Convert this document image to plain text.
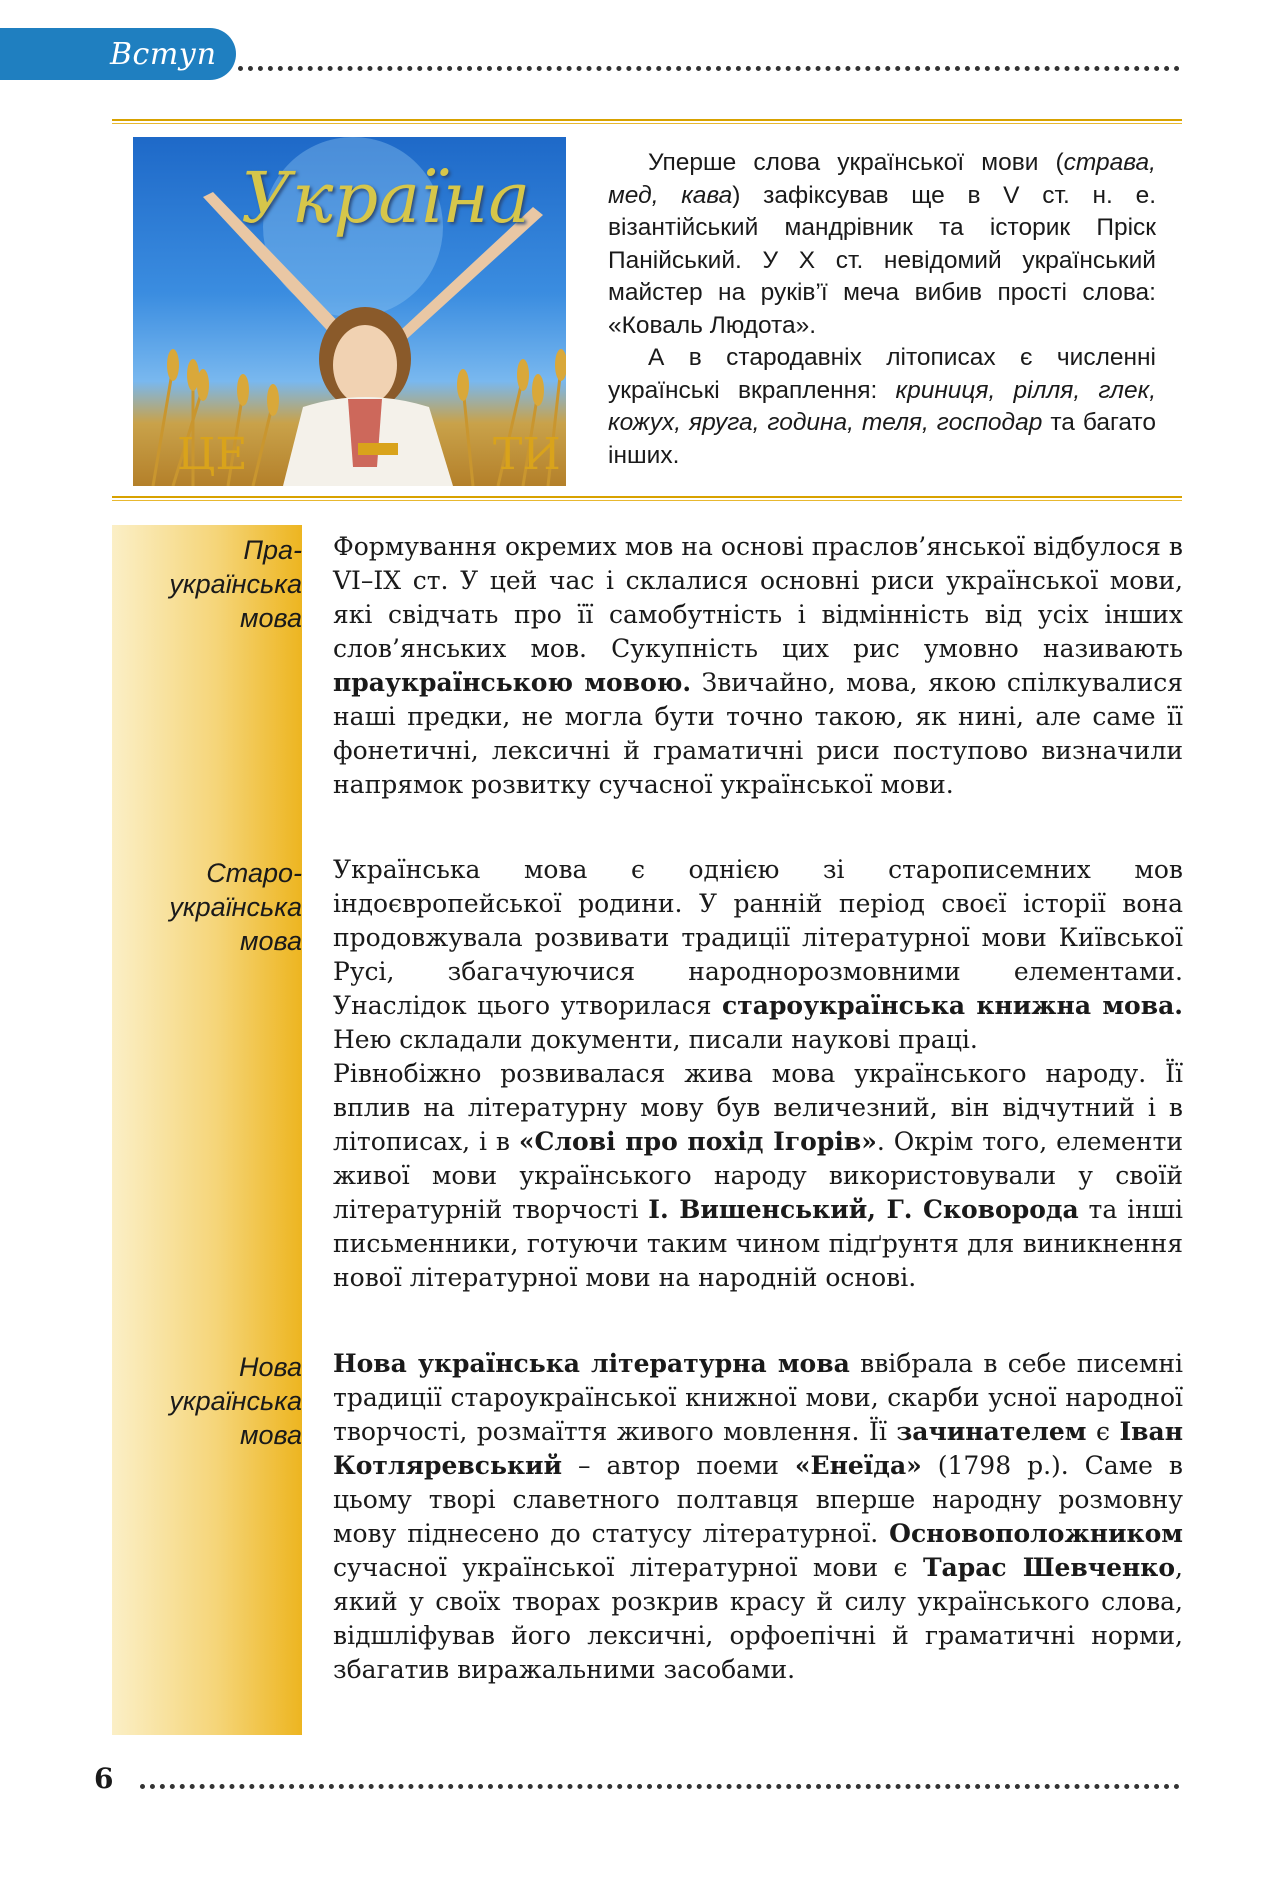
Вступ
Україна
ЦЕ	ТИ

Уперше слова української мови (страва, мед, кава) зафіксував ще в V ст. н. е. візантійський мандрівник та історик Пріск Панійський. У X ст. невідомий український майстер на руків’ї меча вибив прості слова: «Коваль Людота».

А в стародавніх літописах є численні українські вкраплення: криниця, рілля, глек, кожух, яруга, година, теля, господар та багато інших.

Пра-
українська
мова
Старо-
українська
мова
Нова
українська
мова

Формування окремих мов на основі праслов’янської відбулося в VI–IX ст. У цей час і склалися основні риси української мови, які свідчать про її самобутність і відмінність від усіх інших слов’янських мов. Сукупність цих рис умовно називають праукраїнською мовою. Звичайно, мова, якою спілкувалися наші предки, не могла бути точно такою, як нині, але саме її фонетичні, лексичні й граматичні риси поступово визначили напрямок розвитку сучасної української мови.

Українська мова є однією зі старописемних мов індоєвропейської родини. У ранній період своєї історії вона продовжувала розвивати традиції літературної мови Київської Русі, збагачуючися народнорозмовними елементами. Унаслідок цього утворилася староукраїнська книжна мова. Нею складали документи, писали наукові праці.

Рівнобіжно розвивалася жива мова українського народу. Її вплив на літературну мову був величезний, він відчутний і в літописах, і в «Слові про похід Ігорів». Окрім того, елементи живої мови українського народу використовували у своїй літературній творчості І. Вишенський, Г. Сковорода та інші письменники, готуючи таким чином підґрунтя для виникнення нової літературної мови на народній основі.

Нова українська літературна мова ввібрала в себе писемні традиції староукраїнської книжної мови, скарби усної народної творчості, розмаїття живого мовлення. Її зачинателем є Іван Котляревський – автор поеми «Енеїда» (1798 р.). Саме в цьому творі славетного полтавця вперше народну розмовну мову піднесено до статусу літературної. Основоположником сучасної української літературної мови є Тарас Шевченко, який у своїх творах розкрив красу й силу українського слова, відшліфував його лексичні, орфоепічні й граматичні норми, збагатив виражальними засобами.

6
